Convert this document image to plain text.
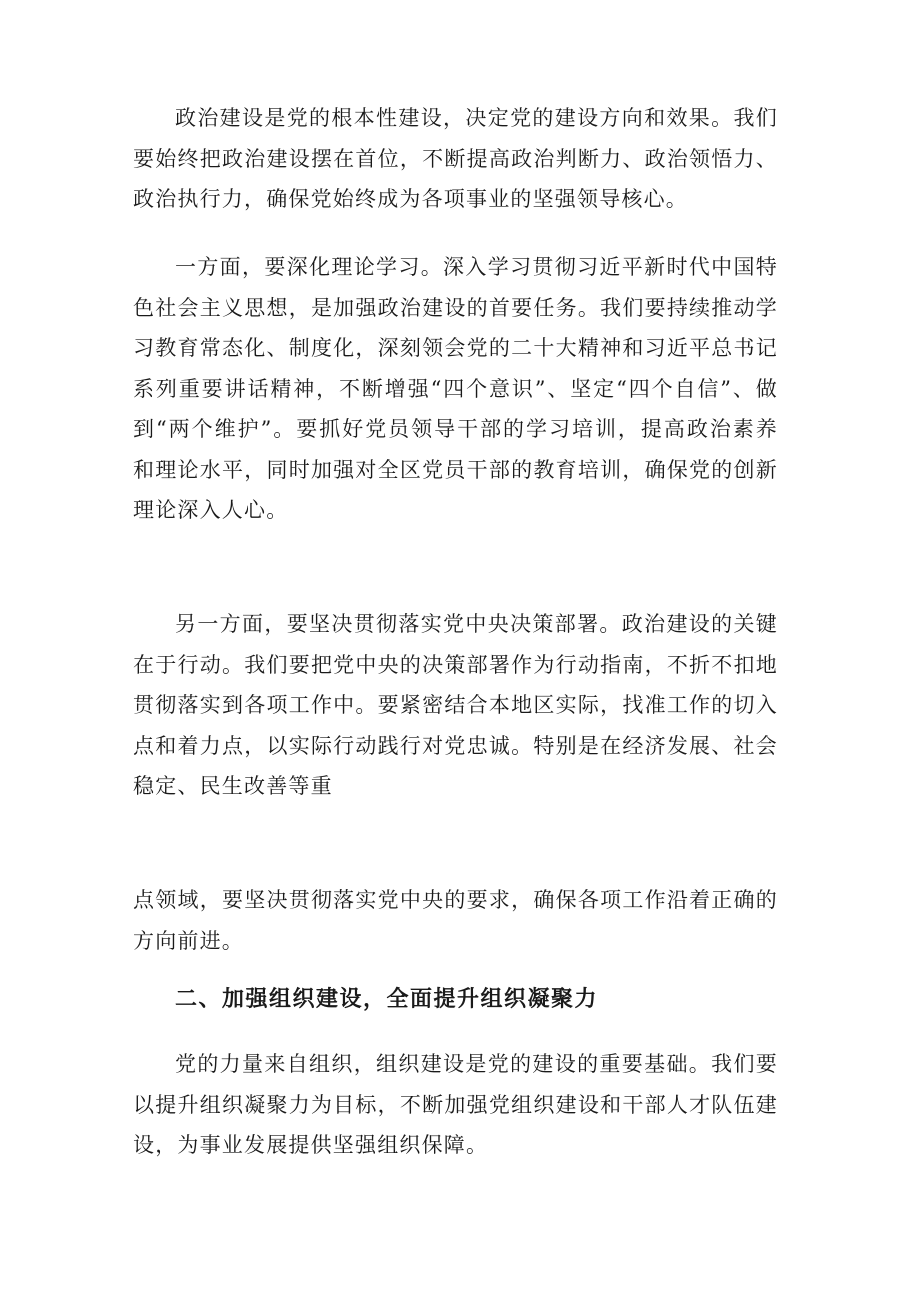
政治建设是党的根本性建设，决定党的建设方向和效果。我们要始终把政治建设摆在首位，不断提高政治判断力、政治领悟力、政治执行力，确保党始终成为各项事业的坚强领导核心。

一方面，要深化理论学习。深入学习贯彻习近平新时代中国特色社会主义思想，是加强政治建设的首要任务。我们要持续推动学习教育常态化、制度化，深刻领会党的二十大精神和习近平总书记系列重要讲话精神，不断增强“四个意识”、坚定“四个自信”、做到“两个维护”。要抓好党员领导干部的学习培训，提高政治素养和理论水平，同时加强对全区党员干部的教育培训，确保党的创新理论深入人心。

另一方面，要坚决贯彻落实党中央决策部署。政治建设的关键在于行动。我们要把党中央的决策部署作为行动指南，不折不扣地贯彻落实到各项工作中。要紧密结合本地区实际，找准工作的切入点和着力点，以实际行动践行对党忠诚。特别是在经济发展、社会稳定、民生改善等重

点领域，要坚决贯彻落实党中央的要求，确保各项工作沿着正确的方向前进。

二、加强组织建设，全面提升组织凝聚力

党的力量来自组织，组织建设是党的建设的重要基础。我们要以提升组织凝聚力为目标，不断加强党组织建设和干部人才队伍建设，为事业发展提供坚强组织保障。
